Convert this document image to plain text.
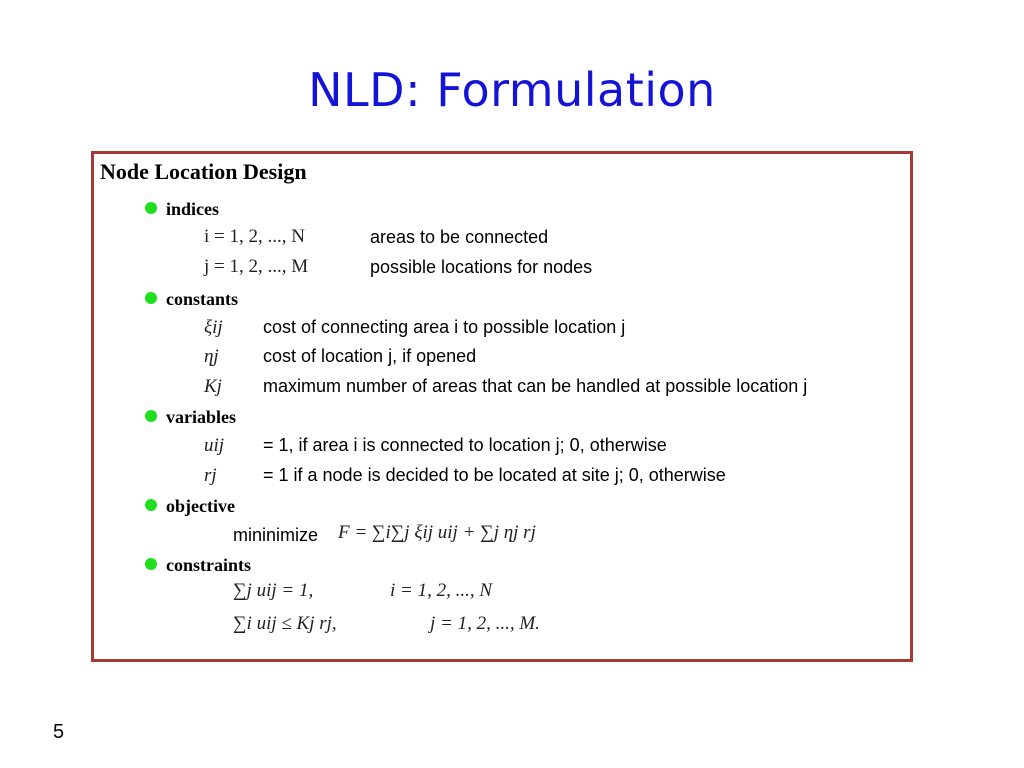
NLD: Formulation
Node Location Design
indices
i = 1, 2, ..., N	areas to be connected
j = 1, 2, ..., M	possible locations for nodes
constants
ξij cost of connecting area i to possible location j
ηj cost of location j, if opened
Kj maximum number of areas that can be handled at possible location j
variables
uij = 1, if area i is connected to location j; 0, otherwise
rj	= 1 if a node is decided to be located at site j; 0, otherwise
objective
mininimize F = ∑i∑j ξij uij + ∑j ηj rj
constraints
∑j uij = 1,	i = 1, 2, ..., N
∑i uij ≤ Kj rj,	j = 1, 2, ..., M.
5
